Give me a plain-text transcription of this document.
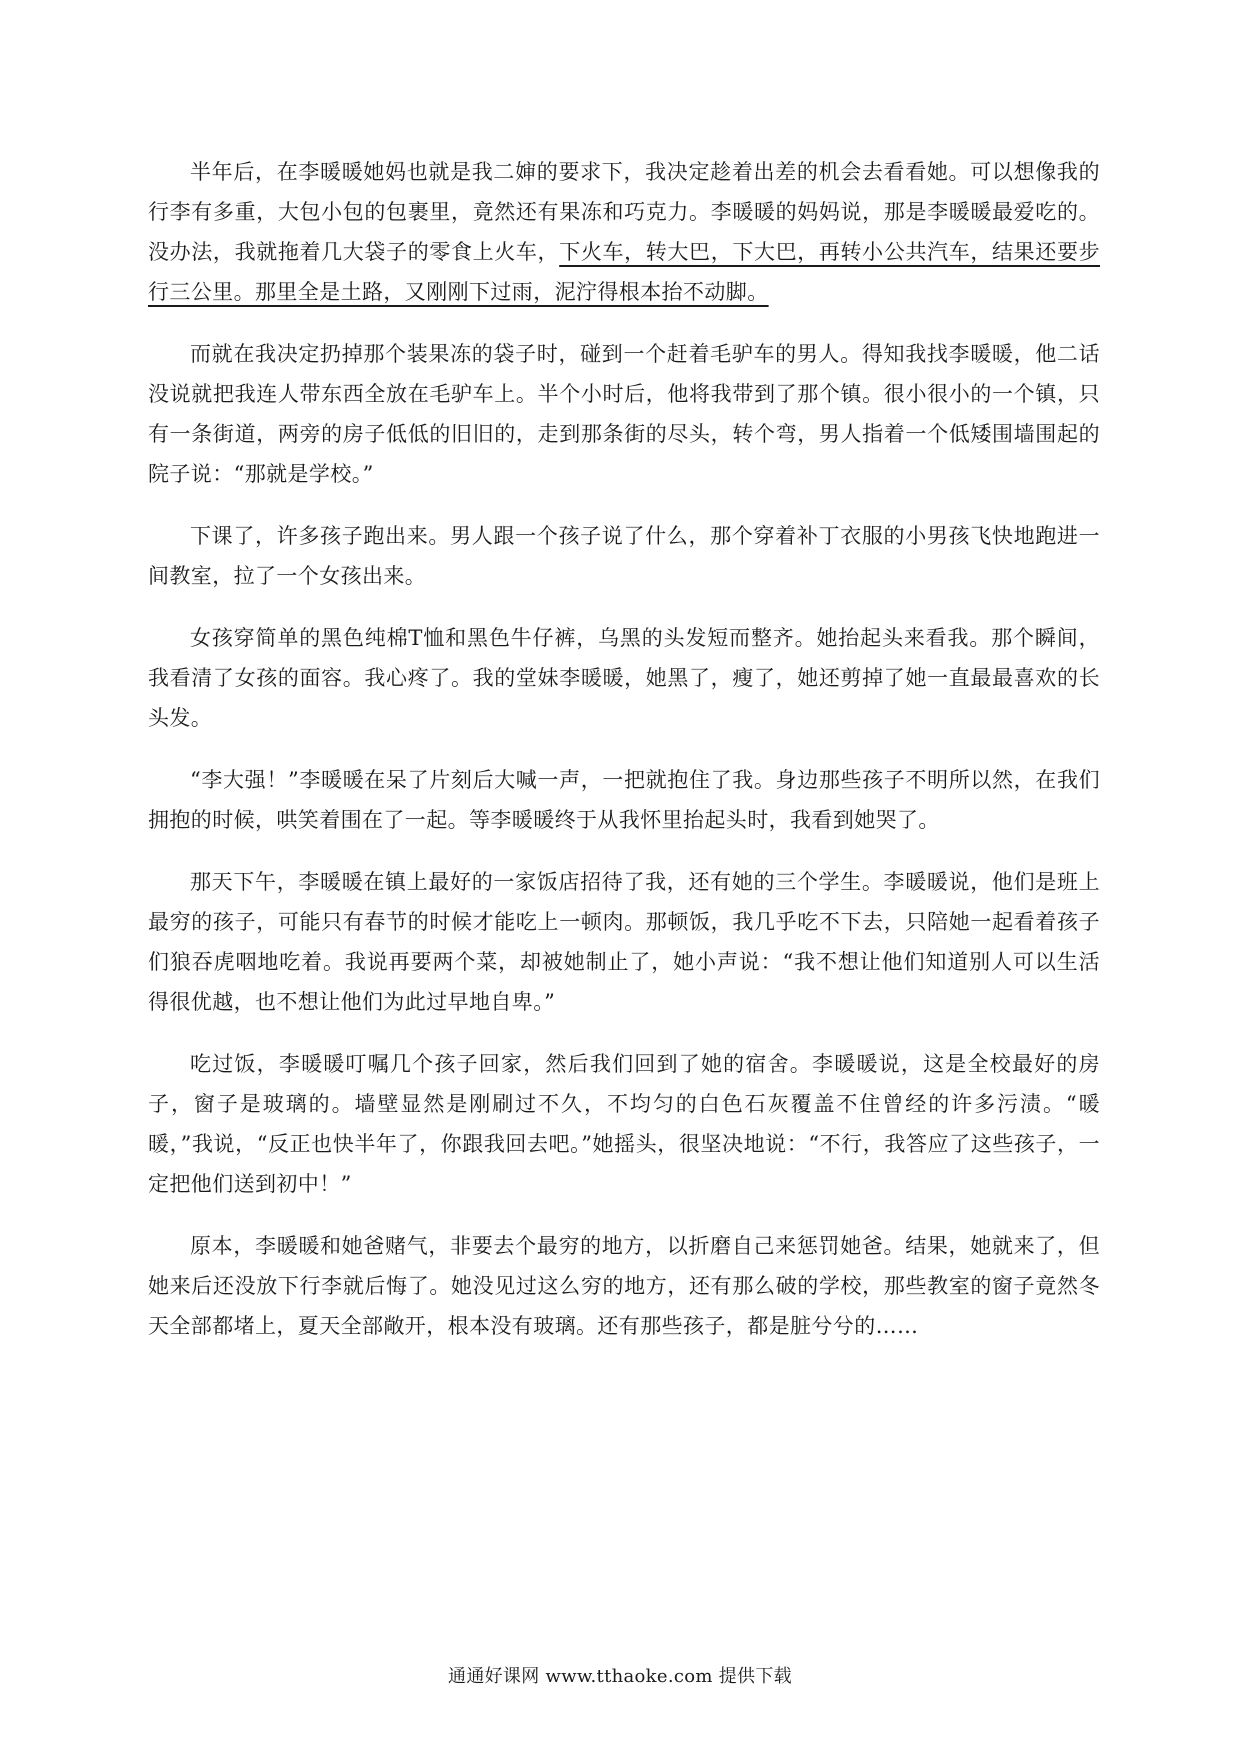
半年后，在李暖暖她妈也就是我二婶的要求下，我决定趁着出差的机会去看看她。可以想像我的行李有多重，大包小包的包裹里，竟然还有果冻和巧克力。李暖暖的妈妈说，那是李暖暖最爱吃的。没办法，我就拖着几大袋子的零食上火车，下火车，转大巴，下大巴，再转小公共汽车，结果还要步行三公里。那里全是土路，又刚刚下过雨，泥泞得根本抬不动脚。

而就在我决定扔掉那个装果冻的袋子时，碰到一个赶着毛驴车的男人。得知我找李暖暖，他二话没说就把我连人带东西全放在毛驴车上。半个小时后，他将我带到了那个镇。很小很小的一个镇，只有一条街道，两旁的房子低低的旧旧的，走到那条街的尽头，转个弯，男人指着一个低矮围墙围起的院子说：“那就是学校。”

下课了，许多孩子跑出来。男人跟一个孩子说了什么，那个穿着补丁衣服的小男孩飞快地跑进一间教室，拉了一个女孩出来。

女孩穿简单的黑色纯棉T恤和黑色牛仔裤，乌黑的头发短而整齐。她抬起头来看我。那个瞬间，我看清了女孩的面容。我心疼了。我的堂妹李暖暖，她黑了，瘦了，她还剪掉了她一直最最喜欢的长头发。

“李大强！”李暖暖在呆了片刻后大喊一声，一把就抱住了我。身边那些孩子不明所以然，在我们拥抱的时候，哄笑着围在了一起。等李暖暖终于从我怀里抬起头时，我看到她哭了。

那天下午，李暖暖在镇上最好的一家饭店招待了我，还有她的三个学生。李暖暖说，他们是班上最穷的孩子，可能只有春节的时候才能吃上一顿肉。那顿饭，我几乎吃不下去，只陪她一起看着孩子们狼吞虎咽地吃着。我说再要两个菜，却被她制止了，她小声说：“我不想让他们知道别人可以生活得很优越，也不想让他们为此过早地自卑。”

吃过饭，李暖暖叮嘱几个孩子回家，然后我们回到了她的宿舍。李暖暖说，这是全校最好的房子，窗子是玻璃的。墙壁显然是刚刷过不久，不均匀的白色石灰覆盖不住曾经的许多污渍。“暖暖，”我说，“反正也快半年了，你跟我回去吧。”她摇头，很坚决地说：“不行，我答应了这些孩子，一定把他们送到初中！”

原本，李暖暖和她爸赌气，非要去个最穷的地方，以折磨自己来惩罚她爸。结果，她就来了，但她来后还没放下行李就后悔了。她没见过这么穷的地方，还有那么破的学校，那些教室的窗子竟然冬天全部都堵上，夏天全部敞开，根本没有玻璃。还有那些孩子，都是脏兮兮的……

通通好课网 www.tthaoke.com 提供下载
